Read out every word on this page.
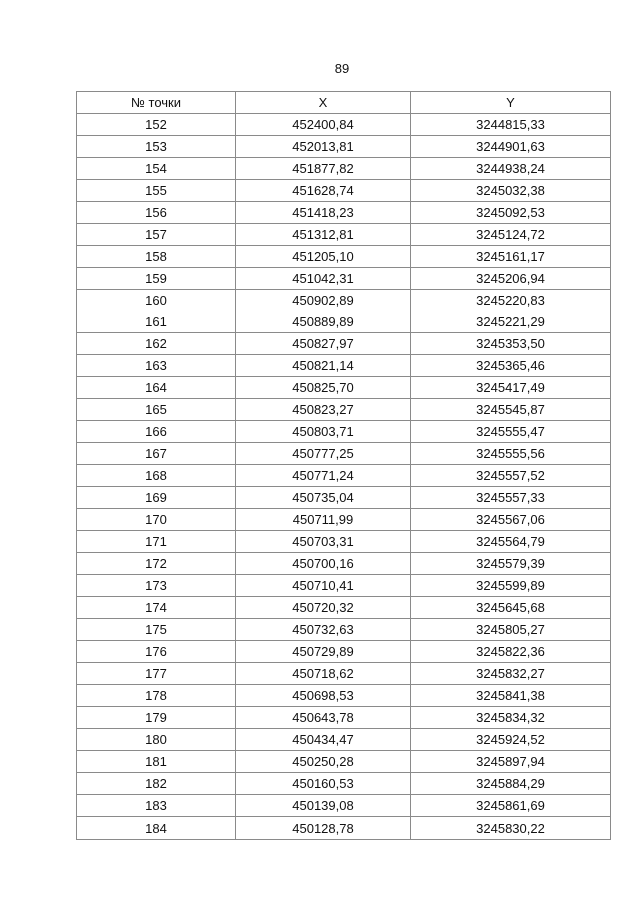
89
№ точки	X	Y
152	452400,84	3244815,33
153	452013,81	3244901,63
154	451877,82	3244938,24
155	451628,74	3245032,38
156	451418,23	3245092,53
157	451312,81	3245124,72
158	451205,10	3245161,17
159	451042,31	3245206,94
160	450902,89	3245220,83
161	450889,89	3245221,29
162	450827,97	3245353,50
163	450821,14	3245365,46
164	450825,70	3245417,49
165	450823,27	3245545,87
166	450803,71	3245555,47
167	450777,25	3245555,56
168	450771,24	3245557,52
169	450735,04	3245557,33
170	450711,99	3245567,06
171	450703,31	3245564,79
172	450700,16	3245579,39
173	450710,41	3245599,89
174	450720,32	3245645,68
175	450732,63	3245805,27
176	450729,89	3245822,36
177	450718,62	3245832,27
178	450698,53	3245841,38
179	450643,78	3245834,32
180	450434,47	3245924,52
181	450250,28	3245897,94
182	450160,53	3245884,29
183	450139,08	3245861,69
184	450128,78	3245830,22
